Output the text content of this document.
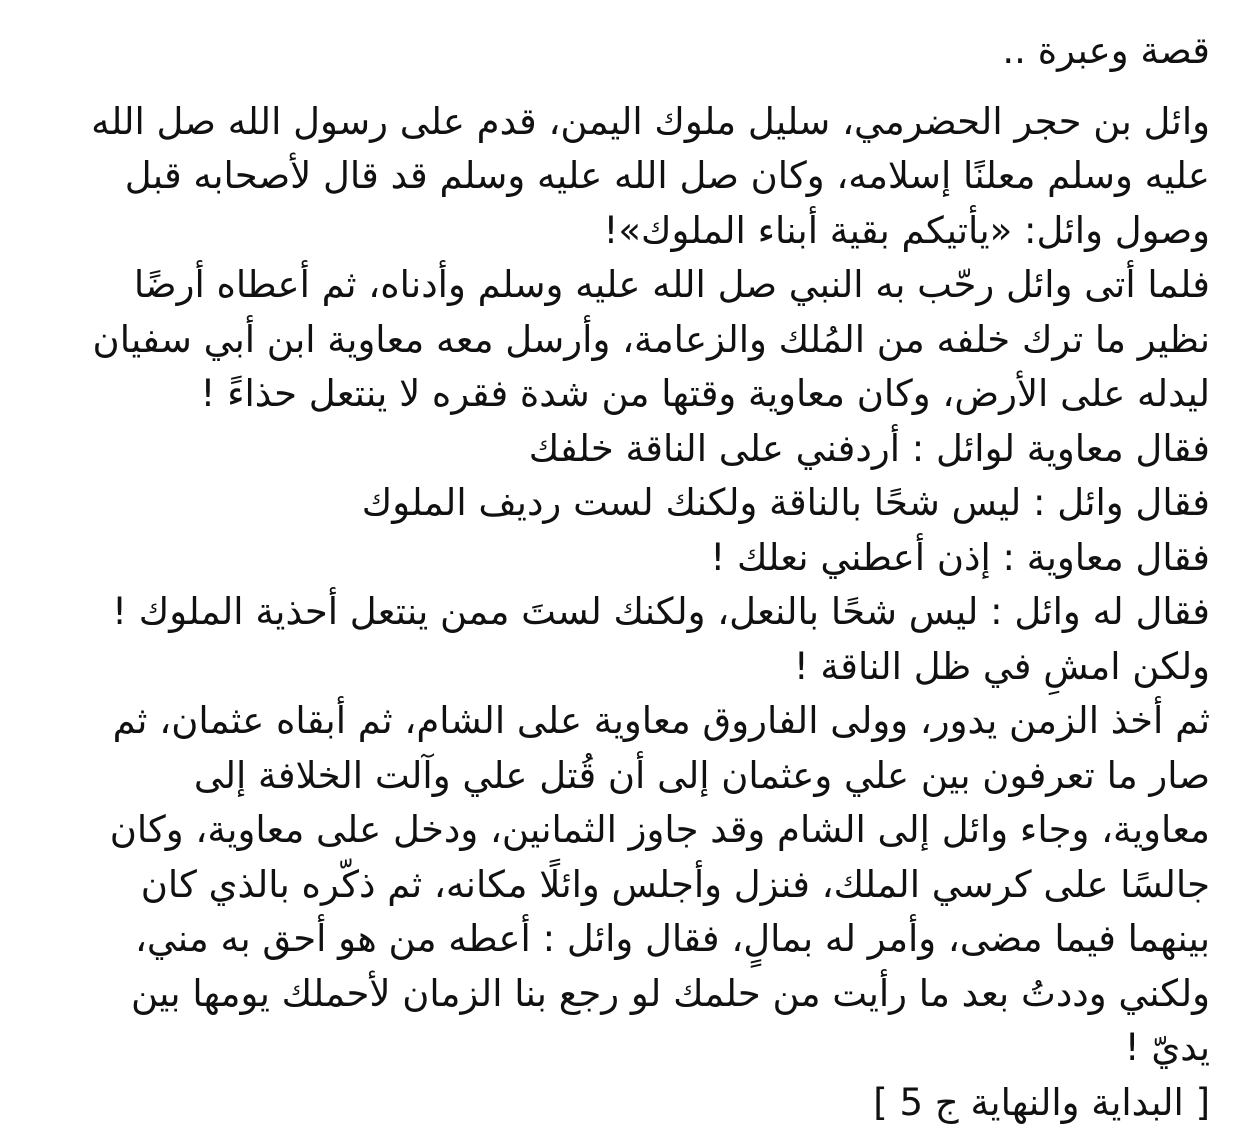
قصة وعبرة ..
وائل بن حجر الحضرمي، سليل ملوك اليمن، قدم على رسول الله صل الله
عليه وسلم معلنًا إسلامه، وكان صل الله عليه وسلم قد قال لأصحابه قبل
وصول وائل: «يأتيكم بقية أبناء الملوك»!
فلما أتى وائل رحّب به النبي صل الله عليه وسلم وأدناه، ثم أعطاه أرضًا
نظير ما ترك خلفه من المُلك والزعامة، وأرسل معه معاوية ابن أبي سفيان
ليدله على الأرض، وكان معاوية وقتها من شدة فقره لا ينتعل حذاءً !
فقال معاوية لوائل : أردفني على الناقة خلفك
فقال وائل : ليس شحًا بالناقة ولكنك لست رديف الملوك
فقال معاوية : إذن أعطني نعلك !
فقال له وائل : ليس شحًا بالنعل، ولكنك لستَ ممن ينتعل أحذية الملوك !
ولكن امشِ في ظل الناقة !
ثم أخذ الزمن يدور، وولى الفاروق معاوية على الشام، ثم أبقاه عثمان، ثم
صار ما تعرفون بين علي وعثمان إلى أن قُتل علي وآلت الخلافة إلى
معاوية، وجاء وائل إلى الشام وقد جاوز الثمانين، ودخل على معاوية، وكان
جالسًا على كرسي الملك، فنزل وأجلس وائلًا مكانه، ثم ذكّره بالذي كان
بينهما فيما مضى، وأمر له بمالٍ، فقال وائل : أعطه من هو أحق به مني،
ولكني وددتُ بعد ما رأيت من حلمك لو رجع بنا الزمان لأحملك يومها بين
يديّ !
[ البداية والنهاية ج 5 ]
